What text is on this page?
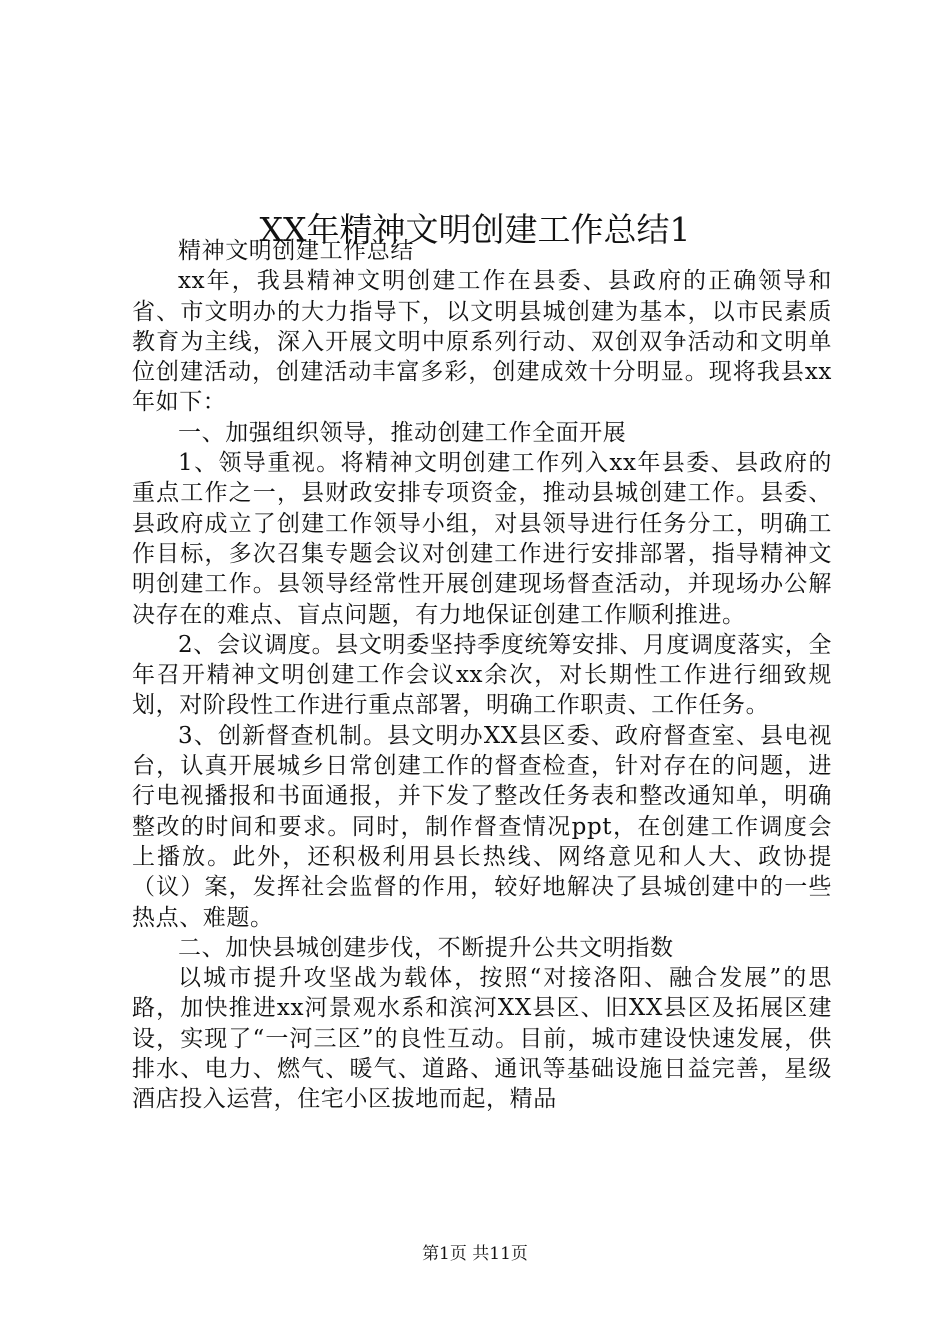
XX年精神文明创建工作总结1

精神文明创建工作总结

xx年，我县精神文明创建工作在县委、县政府的正确领导和省、市文明办的大力指导下，以文明县城创建为基本，以市民素质教育为主线，深入开展文明中原系列行动、双创双争活动和文明单位创建活动，创建活动丰富多彩，创建成效十分明显。现将我县xx年如下：

一、加强组织领导，推动创建工作全面开展

1、领导重视。将精神文明创建工作列入xx年县委、县政府的重点工作之一，县财政安排专项资金，推动县城创建工作。县委、县政府成立了创建工作领导小组，对县领导进行任务分工，明确工作目标，多次召集专题会议对创建工作进行安排部署，指导精神文明创建工作。县领导经常性开展创建现场督查活动，并现场办公解决存在的难点、盲点问题，有力地保证创建工作顺利推进。

2、会议调度。县文明委坚持季度统筹安排、月度调度落实，全年召开精神文明创建工作会议xx余次，对长期性工作进行细致规划，对阶段性工作进行重点部署，明确工作职责、工作任务。

3、创新督查机制。县文明办XX县区委、政府督查室、县电视台，认真开展城乡日常创建工作的督查检查，针对存在的问题，进行电视播报和书面通报，并下发了整改任务表和整改通知单，明确整改的时间和要求。同时，制作督查情况ppt，在创建工作调度会上播放。此外，还积极利用县长热线、网络意见和人大、政协提（议）案，发挥社会监督的作用，较好地解决了县城创建中的一些热点、难题。

二、加快县城创建步伐，不断提升公共文明指数

以城市提升攻坚战为载体，按照“对接洛阳、融合发展”的思路，加快推进xx河景观水系和滨河XX县区、旧XX县区及拓展区建设，实现了“一河三区”的良性互动。目前，城市建设快速发展，供排水、电力、燃气、暖气、道路、通讯等基础设施日益完善，星级酒店投入运营，住宅小区拔地而起，精品

第1页 共11页
